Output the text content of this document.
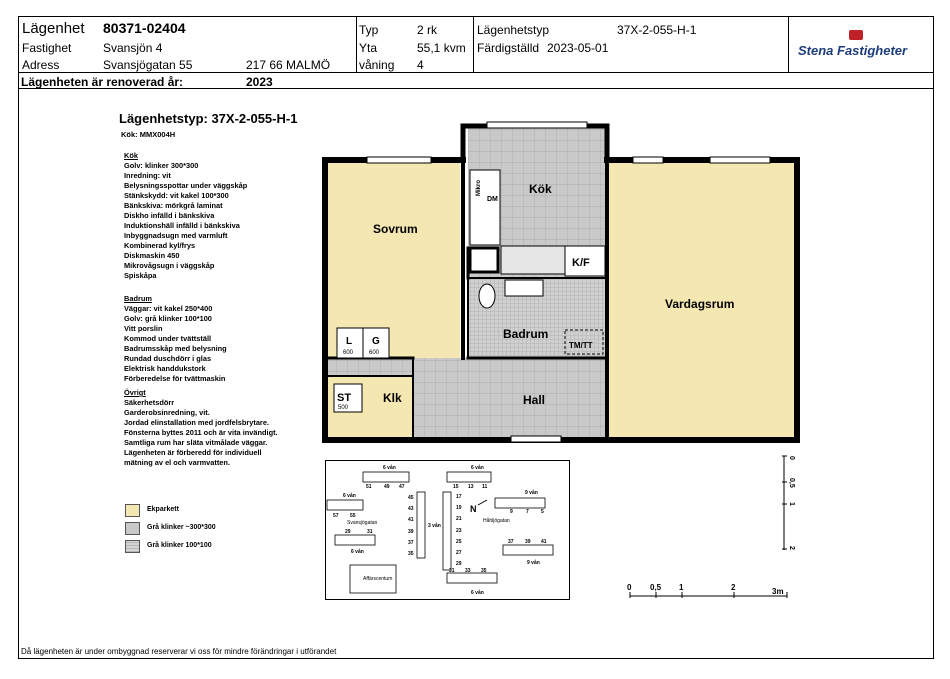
Lägenhet 80371-02404
Fastighet	Svansjön 4
Adress	Svansjögatan 55	217 66 MALMÖ
Typ	2 rk
Yta	55,1 kvm
våning 4
Lägenhetstyp	37X-2-055-H-1
Färdigställd 2023-05-01
Lägenheten är renoverad år:	2023
Stena Fastigheter
Lägenhetstyp: 37X-2-055-H-1
Kök: MMX004H
Kök
Golv: klinker 300*300
Inredning: vit
Belysningsspottar under väggskåp
Stänkskydd: vit kakel 100*300
Bänkskiva: mörkgrå laminat
Diskho infälld i bänkskiva
Induktionshäll infälld i bänkskiva
Inbyggnadsugn med varmluft
Kombinerad kyl/frys
Diskmaskin 450
Mikrovågsugn i väggskåp
Spiskåpa
Badrum
Väggar: vit kakel 250*400
Golv: grå klinker 100*100
Vitt porslin
Kommod under tvättställ
Badrumsskåp med belysning
Rundad duschdörr i glas
Elektrisk handdukstork
Förberedelse för tvättmaskin
Övrigt
Säkerhetsdörr
Garderobsinredning, vit.
Jordad elinstallation med jordfelsbrytare.
Fönsterna byttes 2011 och är vita invändigt.
Samtliga rum har släta vitmålade väggar.
Lägenheten är förberedd för individuell
mätning av el och varmvatten.
Ekparkett
Grå klinker ~300*300
Grå klinker 100*100
Sovrum
Kök
Vardagsrum
Badrum
Hall
Klk
K/F
TM/TT
Mikro
DM
L
600
G
600
ST
500
6 vån	6 vån
6 vån
6 vån
6 vån
9 vån
9 vån
3 vån
51 49 47	15 13 11
57 55
45
43
41
39
37
35
17
19
21
23
25
27
29
29	31
9	7 5
37 39 41
31 33 35
Svansjögatan	Håhljögatan
Affärscentum
N
0 0,5 1	2	3m
0
0,5
1
2
Då lägenheten är under ombyggnad reserverar vi oss för mindre förändringar i utförandet
